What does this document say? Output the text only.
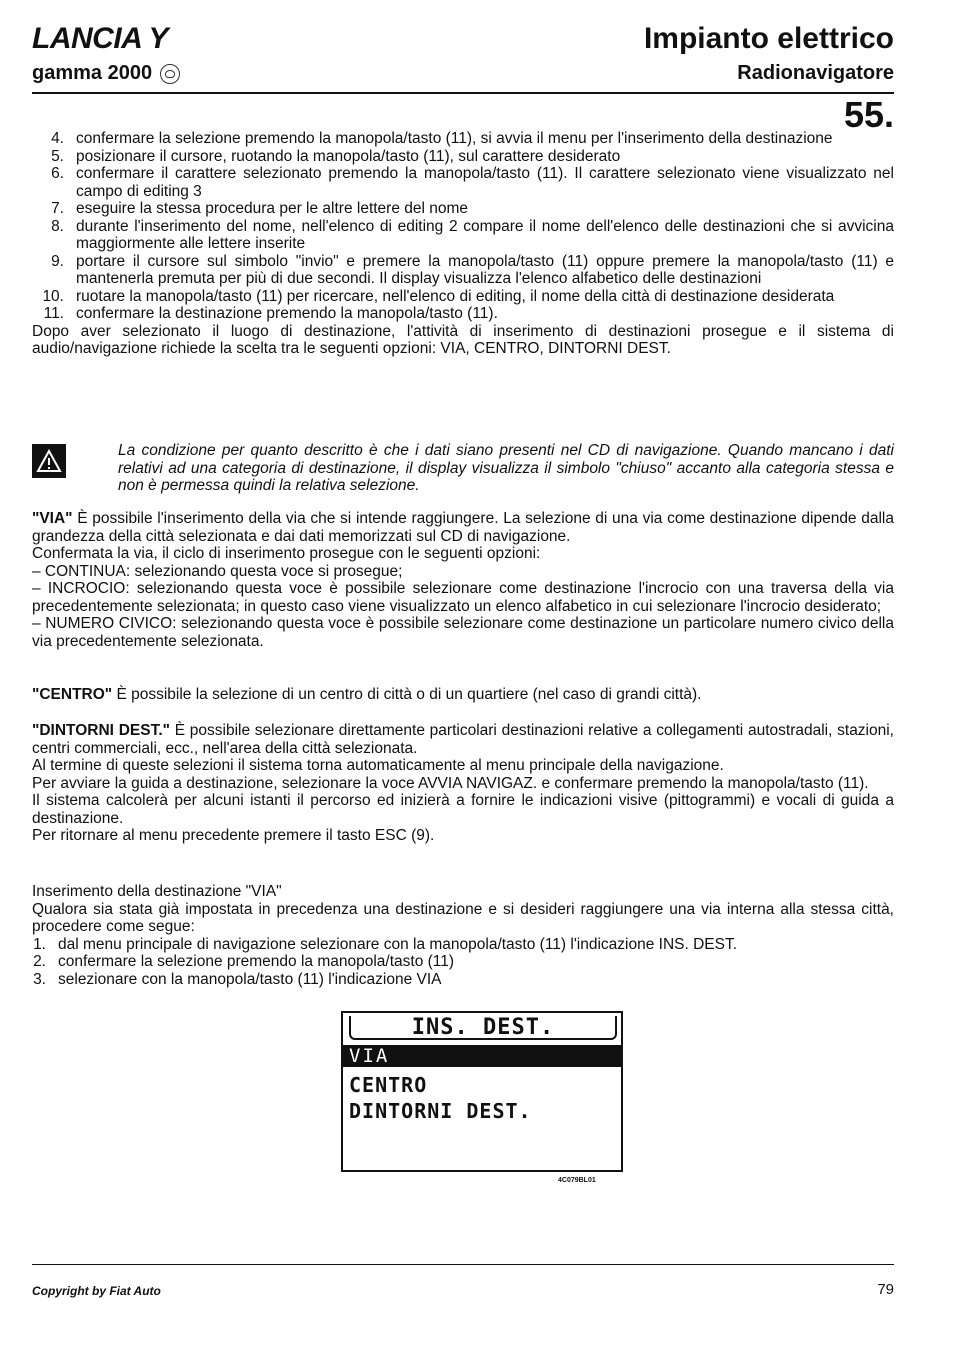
LANCIA Y
gamma 2000
Impianto elettrico
Radionavigatore
55.
4. confermare la selezione premendo la manopola/tasto (11), si avvia il menu per l'inserimento della destinazione
5. posizionare il cursore, ruotando la manopola/tasto (11), sul carattere desiderato
6. confermare il carattere selezionato premendo la manopola/tasto (11). Il carattere selezionato viene visualizzato nel campo di editing 3
7. eseguire la stessa procedura per le altre lettere del nome
8. durante l'inserimento del nome, nell'elenco di editing 2 compare il nome dell'elenco delle destinazioni che si avvicina maggiormente alle lettere inserite
9. portare il cursore sul simbolo "invio" e premere la manopola/tasto (11) oppure premere la manopola/tasto (11) e mantenerla premuta per più di due secondi. Il display visualizza l'elenco alfabetico delle destinazioni
10. ruotare la manopola/tasto (11) per ricercare, nell'elenco di editing, il nome della città di destinazione desiderata
11. confermare la destinazione premendo la manopola/tasto (11).

Dopo aver selezionato il luogo di destinazione, l'attività di inserimento di destinazioni prosegue e il sistema di audio/navigazione richiede la scelta tra le seguenti opzioni: VIA, CENTRO, DINTORNI DEST.

La condizione per quanto descritto è che i dati siano presenti nel CD di navigazione. Quando mancano i dati relativi ad una categoria di destinazione, il display visualizza il simbolo "chiuso" accanto alla categoria stessa e non è permessa quindi la relativa selezione.

"VIA" È possibile l'inserimento della via che si intende raggiungere. La selezione di una via come destinazione dipende dalla grandezza della città selezionata e dai dati memorizzati sul CD di navigazione.

Confermata la via, il ciclo di inserimento prosegue con le seguenti opzioni:

– CONTINUA: selezionando questa voce si prosegue;

– INCROCIO: selezionando questa voce è possibile selezionare come destinazione l'incrocio con una traversa della via precedentemente selezionata; in questo caso viene visualizzato un elenco alfabetico in cui selezionare l'incrocio desiderato;

– NUMERO CIVICO: selezionando questa voce è possibile selezionare come destinazione un particolare numero civico della via precedentemente selezionata.

"CENTRO" È possibile la selezione di un centro di città o di un quartiere (nel caso di grandi città).

"DINTORNI DEST." È possibile selezionare direttamente particolari destinazioni relative a collegamenti autostradali, stazioni, centri commerciali, ecc., nell'area della città selezionata.

Al termine di queste selezioni il sistema torna automaticamente al menu principale della navigazione.

Per avviare la guida a destinazione, selezionare la voce AVVIA NAVIGAZ. e confermare premendo la manopola/tasto (11).

Il sistema calcolerà per alcuni istanti il percorso ed inizierà a fornire le indicazioni visive (pittogrammi) e vocali di guida a destinazione.

Per ritornare al menu precedente premere il tasto ESC (9).

Inserimento della destinazione "VIA"

Qualora sia stata già impostata in precedenza una destinazione e si desideri raggiungere una via interna alla stessa città, procedere come segue:

1. dal menu principale di navigazione selezionare con la manopola/tasto (11) l'indicazione INS. DEST.
2. confermare la selezione premendo la manopola/tasto (11)
3. selezionare con la manopola/tasto (11) l'indicazione VIA
INS. DEST.
VIA
CENTRO
DINTORNI DEST.
4C079BL01
Copyright by Fiat Auto	79
